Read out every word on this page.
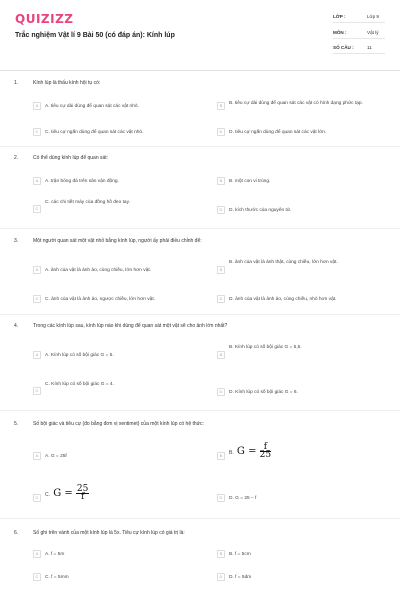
QUIZIZZ
Trắc nghiệm Vật lí 9 Bài 50 (có đáp án): Kính lúp
LỚP :	Lớp 9
MÔN :	Vật lý
SỐ CÂU :	11
1.	Kính lúp là thấu kính hội tụ có:
A	A. tiêu cự dài dùng để quan sát các vật nhỏ.	B	B. tiêu cự dài dùng để quan sát các vật có hình dạng phức tạp.
C	C. tiêu cự ngắn dùng để quan sát các vật nhỏ.	D	D. tiêu cự ngắn dùng để quan sát các vật lớn.
2.	Có thể dùng kính lúp để quan sát:
A	A. trận bóng đá trên sân vận động.	B	B. một con vi trùng.
C
C. các chi tiết máy của đồng hồ đeo tay.
D	D. kích thước của nguyên tử.
3.	Một người quan sát một vật nhỏ bằng kính lúp, người ấy phải điều chỉnh để:
A	A. ảnh của vật là ảnh ảo, cùng chiều, lớn hơn vật.	B
B. ảnh của vật là ảnh thật, cùng chiều, lớn hơn vật.
C	C. ảnh của vật là ảnh ảo, ngược chiều, lớn hơn vật.	D	D. ảnh của vật là ảnh ảo, cùng chiều, nhỏ hơn vật.
4.	Trong các kính lúp sau, kính lúp nào khi dùng để quan sát một vật sẽ cho ảnh lớn nhất?
A	A. Kính lúp có số bội giác G = 5.	B
B. Kính lúp có số bội giác G = 5,5.
C
C. Kính lúp có số bội giác G = 4.
D	D. Kính lúp có số bội giác G = 6.
5.	Số bội giác và tiêu cự (đo bằng đơn vị xentimet) của một kính lúp có hệ thức:
A	A. G = 25f	B	B. $G = \frac{f}{25}$
C	C. $G = \frac{25}{f}$	D	D. G = 25 – f
6.	Số ghi trên vành của một kính lúp là 5x. Tiêu cự kính lúp có giá trị là:
A	A. f = 5m	B	B. f = 5cm
C	C. f = 5mm	D	D. f = 5dm
